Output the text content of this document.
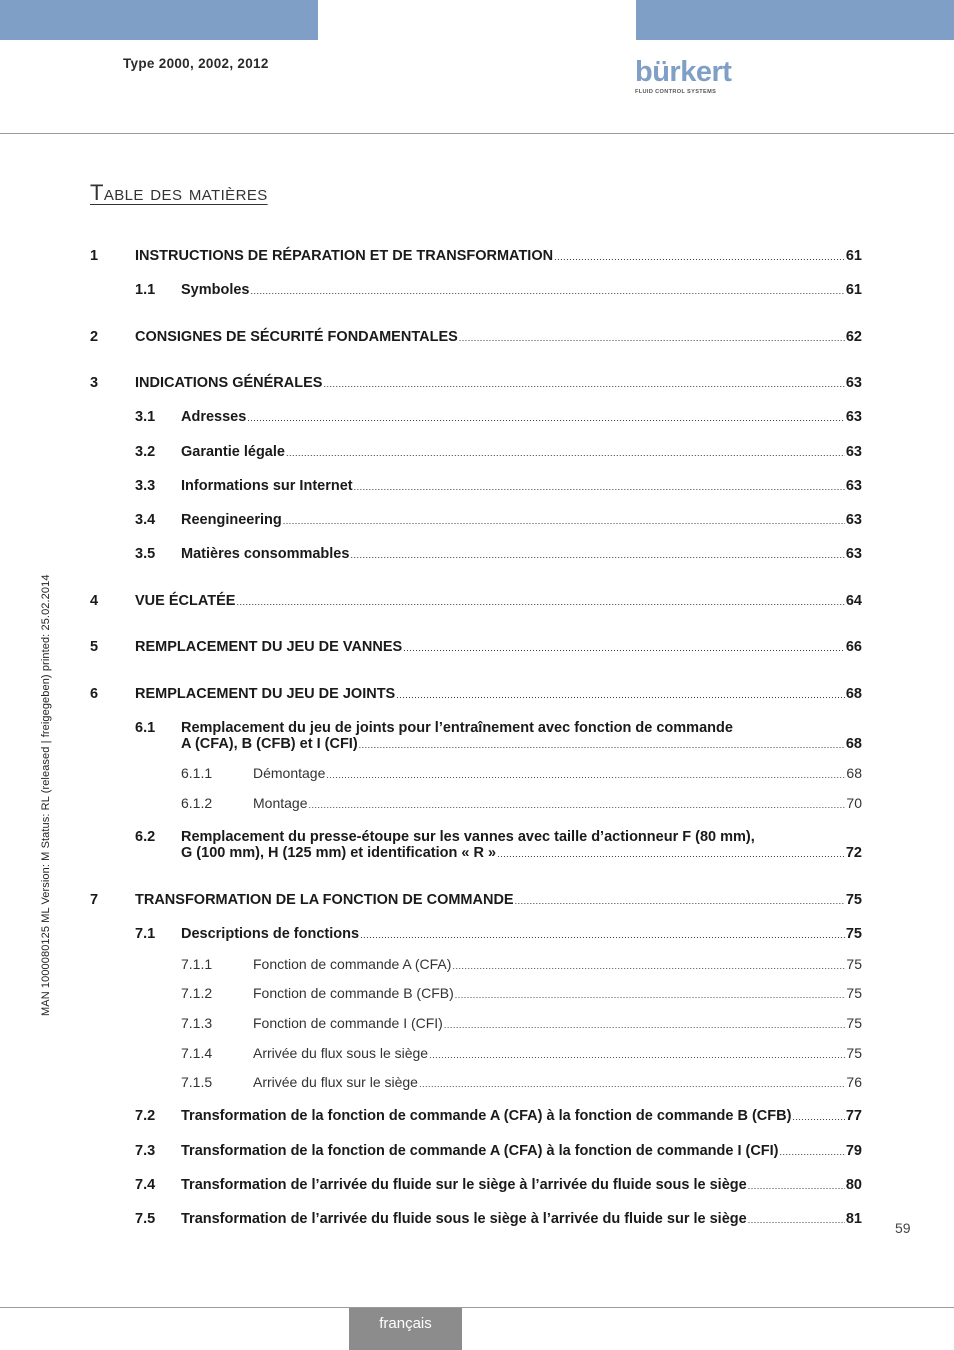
Type 2000, 2002, 2012	bürkert
FLUID CONTROL SYSTEMS
Table des matières
1	INSTRUCTIONS DE RÉPARATION ET DE TRANSFORMATION .....	61
1.1 Symboles .....	61
2	CONSIGNES DE SÉCURITÉ FONDAMENTALES .....	62
3	INDICATIONS GÉNÉRALES .....	63
3.1 Adresses .....	63
3.2 Garantie légale .....	63
3.3 Informations sur Internet .....	63
3.4 Reengineering .....	63
3.5 Matières consommables .....	63
4	VUE ÉCLATÉE .....	64
5	REMPLACEMENT DU JEU DE VANNES .....	66
6	REMPLACEMENT DU JEU DE JOINTS .....	68
6.1 Remplacement du jeu de joints pour l’entraînement avec fonction de commande
A (CFA), B (CFB) et I (CFI) .....	68
6.1.1	Démontage .....	68
6.1.2	Montage .....	70
6.2 Remplacement du presse-étoupe sur les vannes avec taille d’actionneur F (80 mm),
G (100 mm), H (125 mm) et identification « R » .....	72
7	TRANSFORMATION DE LA FONCTION DE COMMANDE .....	75
7.1 Descriptions de fonctions .....	75
7.1.1	Fonction de commande A (CFA) .....	75
7.1.2	Fonction de commande B (CFB) .....	75
7.1.3	Fonction de commande I (CFI) .....	75
7.1.4	Arrivée du flux sous le siège .....	75
7.1.5	Arrivée du flux sur le siège .....	76
7.2 Transformation de la fonction de commande A (CFA) à la fonction de commande B (CFB) .....	77
7.3 Transformation de la fonction de commande A (CFA) à la fonction de commande I (CFI) .....	79
7.4 Transformation de l’arrivée du fluide sur le siège à l’arrivée du fluide sous le siège .....	80
7.5 Transformation de l’arrivée du fluide sous le siège à l’arrivée du fluide sur le siège .....	81
MAN 1000080125 ML Version: M Status: RL (released | freigegeben) printed: 25.02.2014
59
français
